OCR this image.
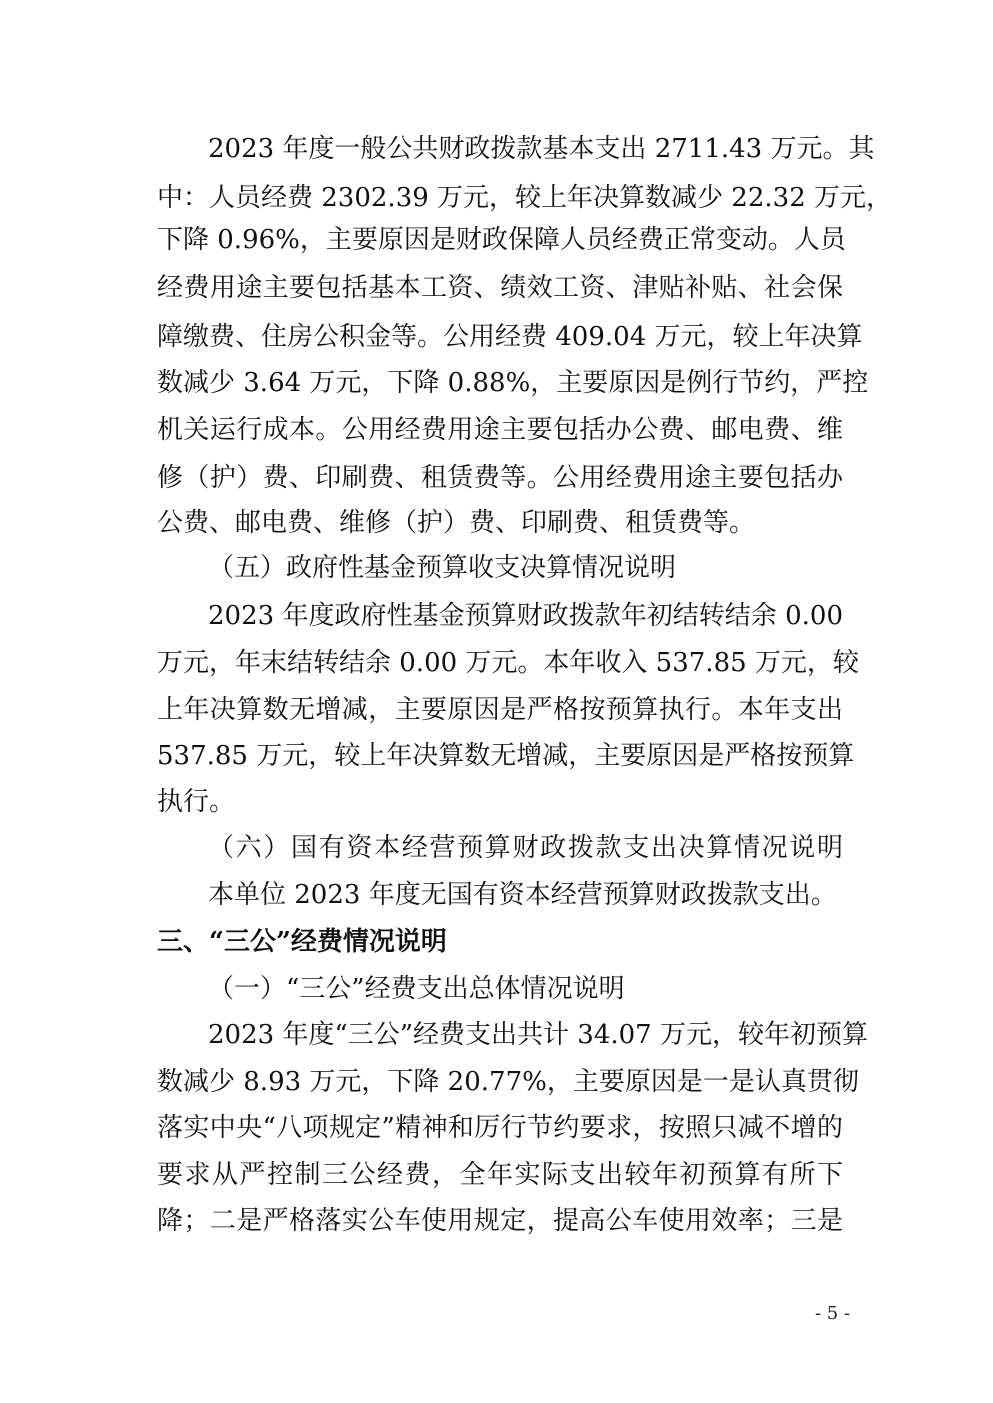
2023 年度一般公共财政拨款基本支出 2711.43 万元。其
中：人员经费 2302.39 万元，较上年决算数减少 22.32 万元，
下降 0.96%，主要原因是财政保障人员经费正常变动。人员
经费用途主要包括基本工资、绩效工资、津贴补贴、社会保
障缴费、住房公积金等。公用经费 409.04 万元，较上年决算
数减少 3.64 万元，下降 0.88%，主要原因是例行节约，严控
机关运行成本。公用经费用途主要包括办公费、邮电费、维
修（护）费、印刷费、租赁费等。公用经费用途主要包括办
公费、邮电费、维修（护）费、印刷费、租赁费等。
（五）政府性基金预算收支决算情况说明
2023 年度政府性基金预算财政拨款年初结转结余 0.00
万元，年末结转结余 0.00 万元。本年收入 537.85 万元，较
上年决算数无增减，主要原因是严格按预算执行。本年支出
537.85 万元，较上年决算数无增减，主要原因是严格按预算
执行。
（六）国有资本经营预算财政拨款支出决算情况说明
本单位 2023 年度无国有资本经营预算财政拨款支出。
三、“三公”经费情况说明
（一）“三公”经费支出总体情况说明
2023 年度“三公”经费支出共计 34.07 万元，较年初预算
数减少 8.93 万元，下降 20.77%，主要原因是一是认真贯彻
落实中央“八项规定”精神和厉行节约要求，按照只减不增的
要求从严控制三公经费，全年实际支出较年初预算有所下
降；二是严格落实公车使用规定，提高公车使用效率；三是
- 5 -
